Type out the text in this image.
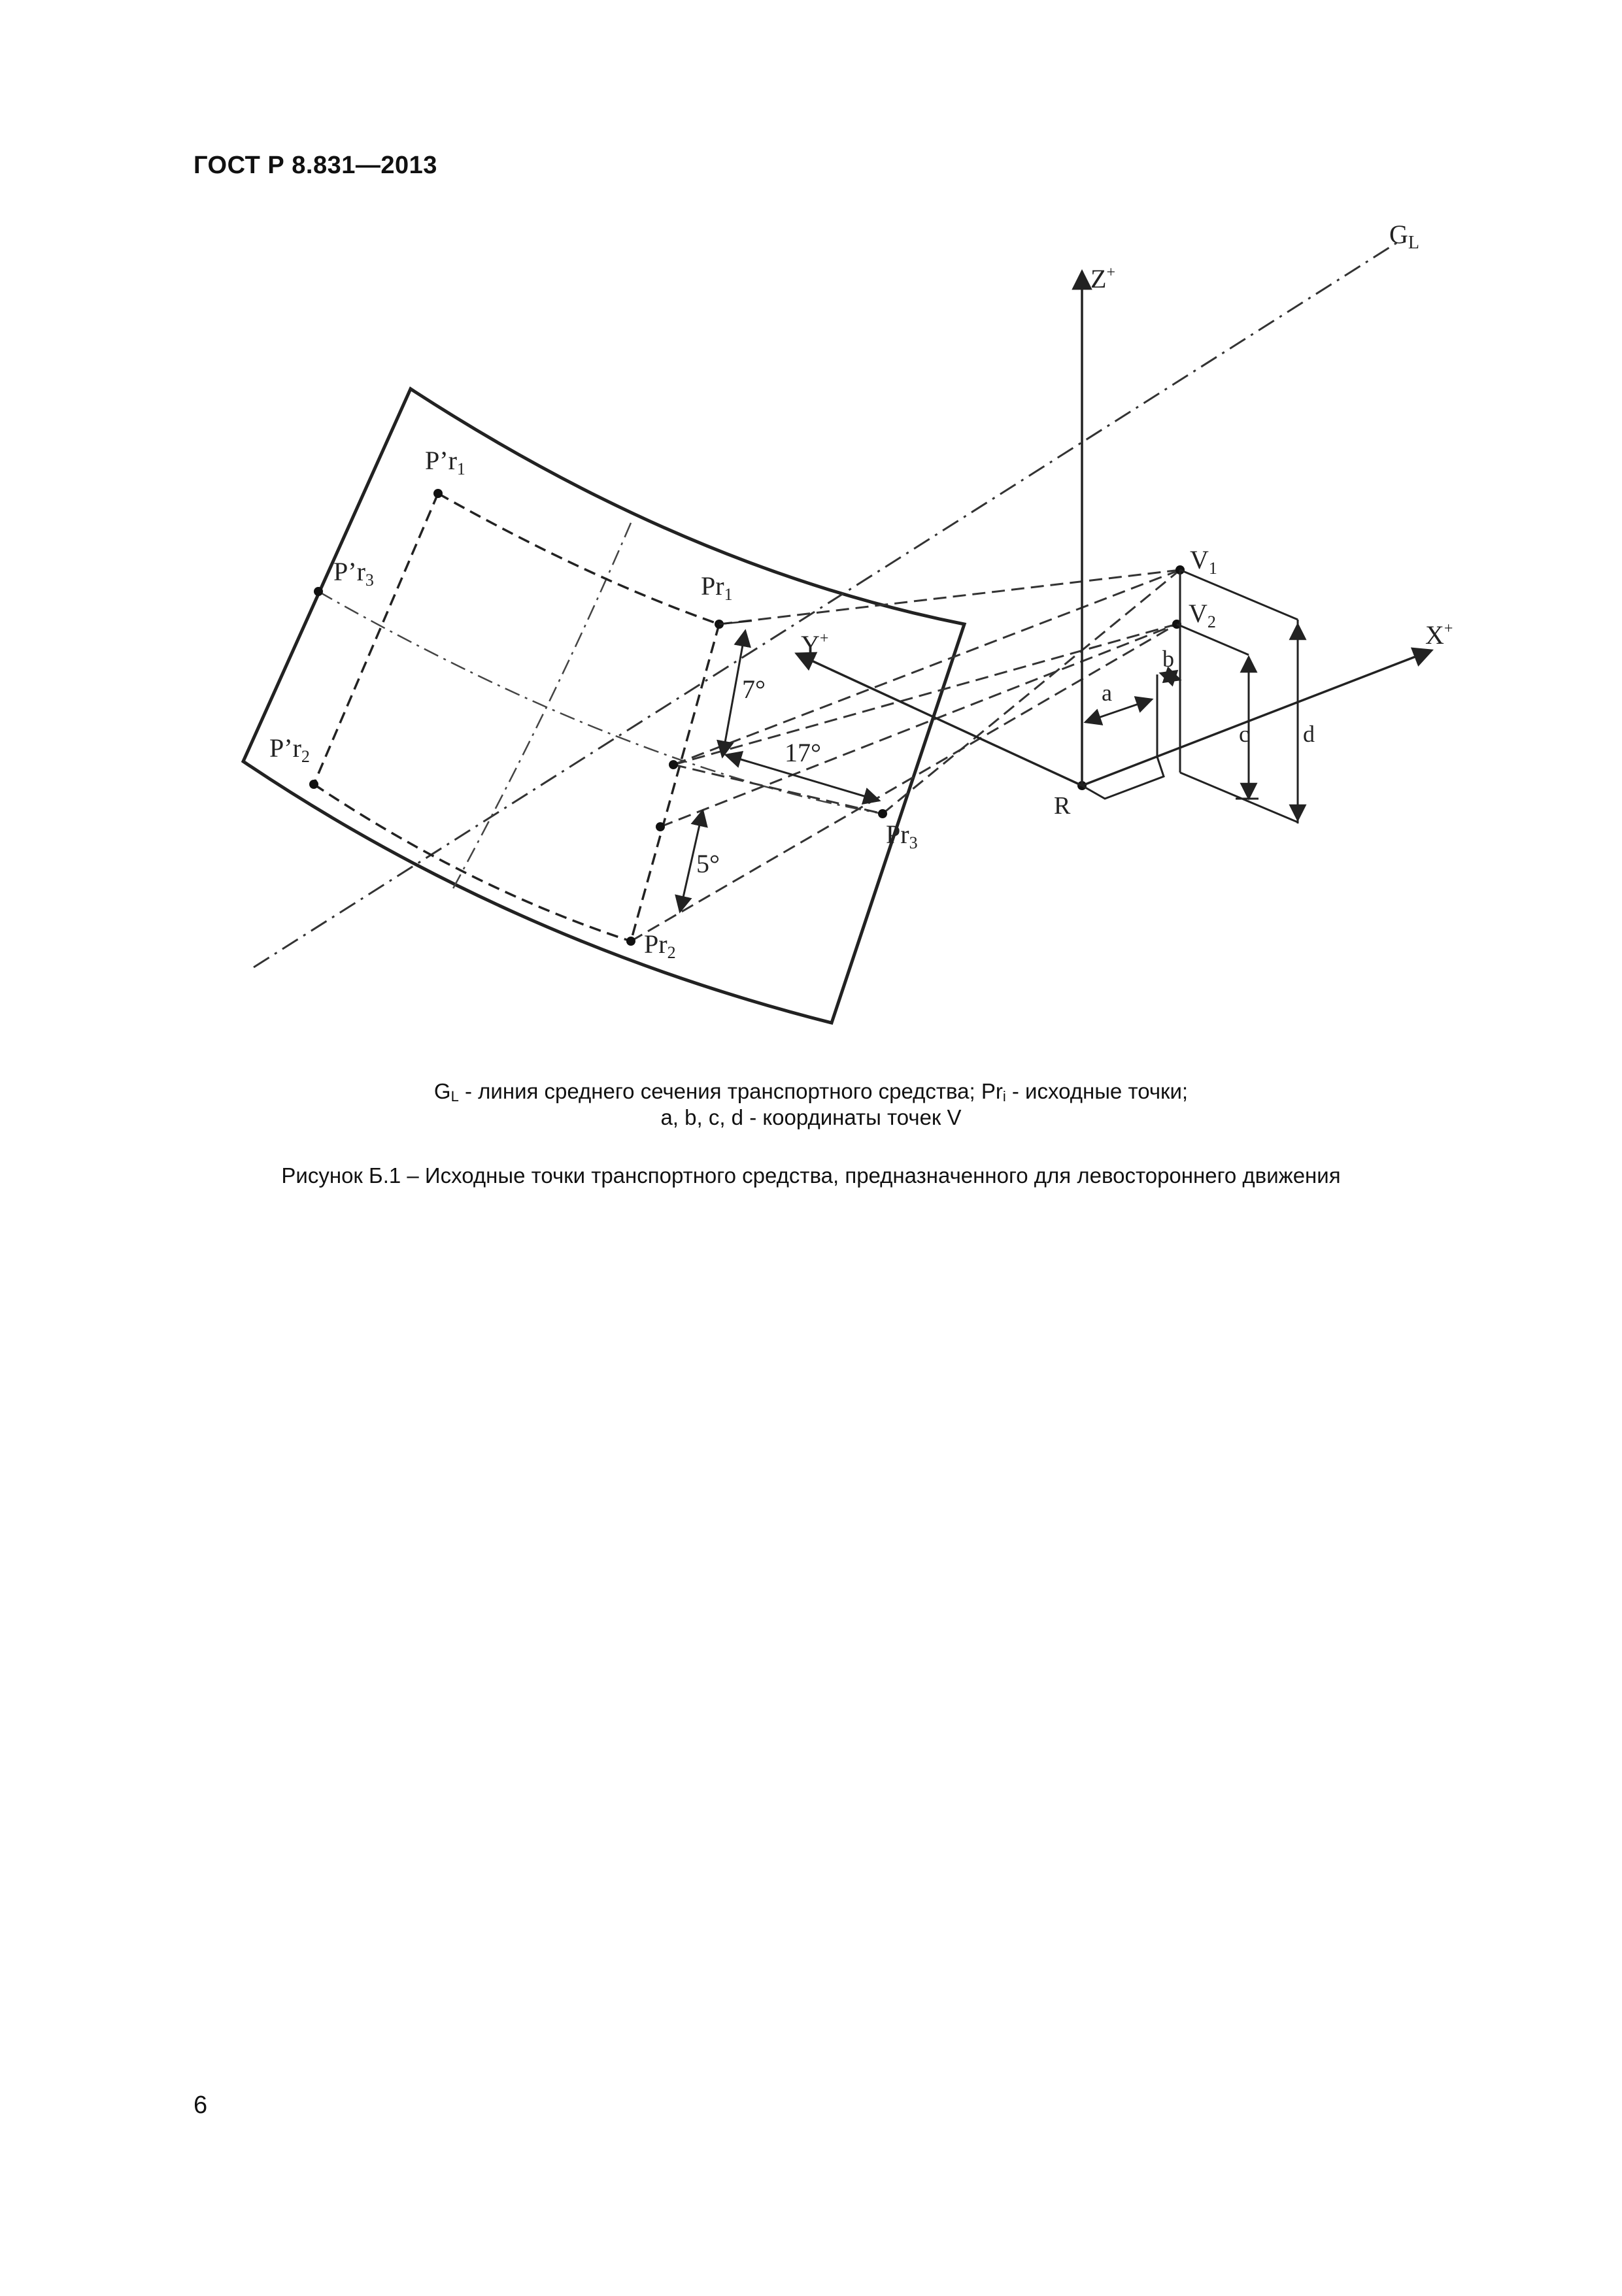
ГОСТ Р 8.831—2013
$G_L$
Z+
Y+	X+
R
$V_1$
$V_2$
a
b
c d
$Pr_1$
$Pr_2$
$Pr_3$
$P’r_1$
$P’r_3$
$P’r_2$
7°
17°
5°
$G_L$ - линия среднего сечения транспортного средства; $Pr_i$ - исходные точки;
a, b, c, d - координаты точек V
Рисунок Б.1 – Исходные точки транспортного средства, предназначенного для левостороннего движения
6
